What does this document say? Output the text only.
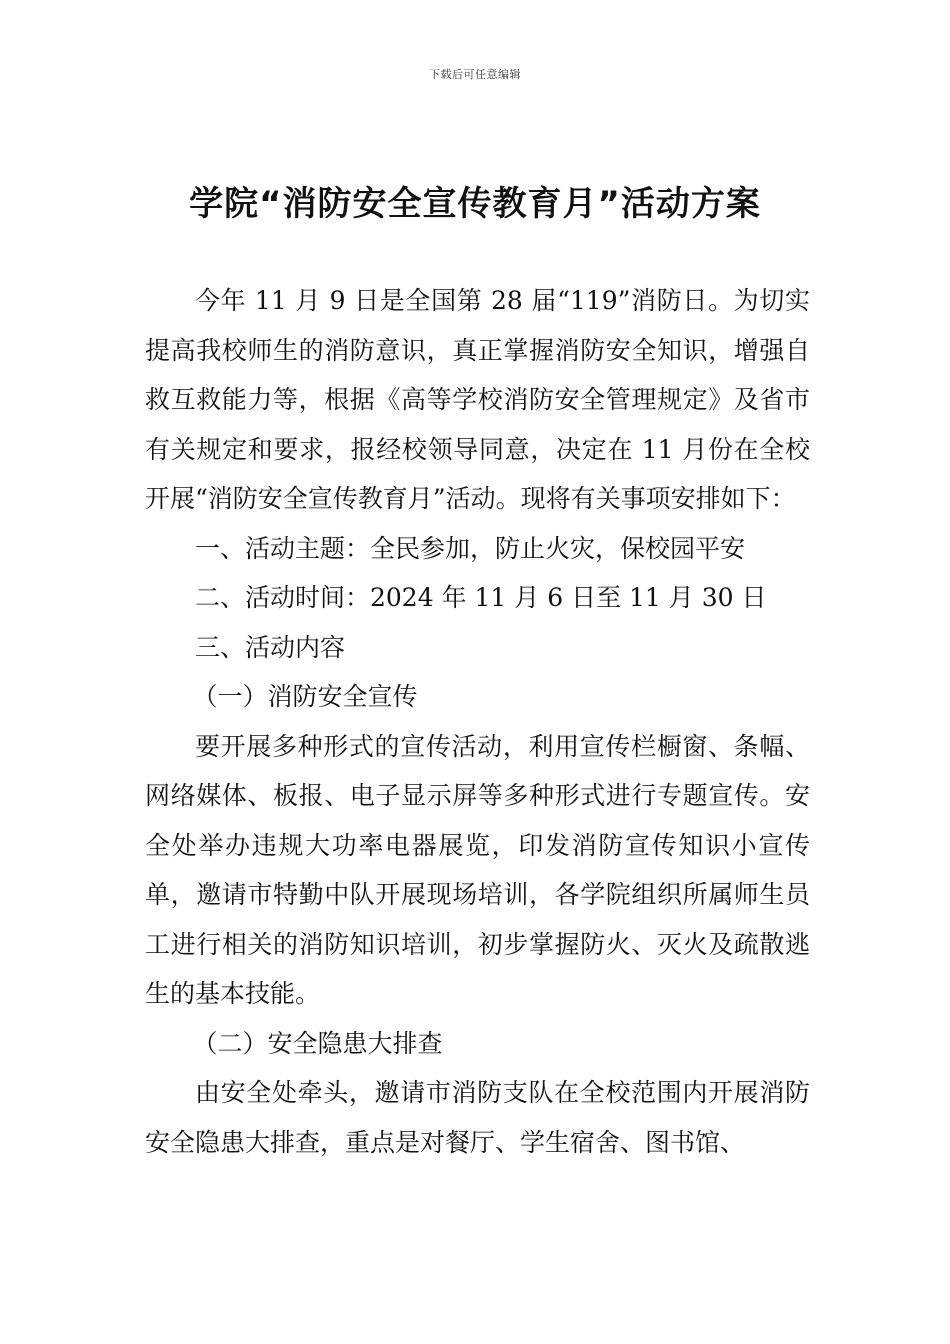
下载后可任意编辑
学院“消防安全宣传教育月”活动方案

今年 11 月 9 日是全国第 28 届“119”消防日。为切实提高我校师生的消防意识，真正掌握消防安全知识，增强自救互救能力等，根据《高等学校消防安全管理规定》及省市有关规定和要求，报经校领导同意，决定在 11 月份在全校开展“消防安全宣传教育月”活动。现将有关事项安排如下：

一、活动主题：全民参加，防止火灾，保校园平安

二、活动时间：2024 年 11 月 6 日至 11 月 30 日

三、活动内容

（一）消防安全宣传

要开展多种形式的宣传活动，利用宣传栏橱窗、条幅、网络媒体、板报、电子显示屏等多种形式进行专题宣传。安全处举办违规大功率电器展览，印发消防宣传知识小宣传单，邀请市特勤中队开展现场培训，各学院组织所属师生员工进行相关的消防知识培训，初步掌握防火、灭火及疏散逃生的基本技能。

（二）安全隐患大排查

由安全处牵头，邀请市消防支队在全校范围内开展消防安全隐患大排查，重点是对餐厅、学生宿舍、图书馆、
